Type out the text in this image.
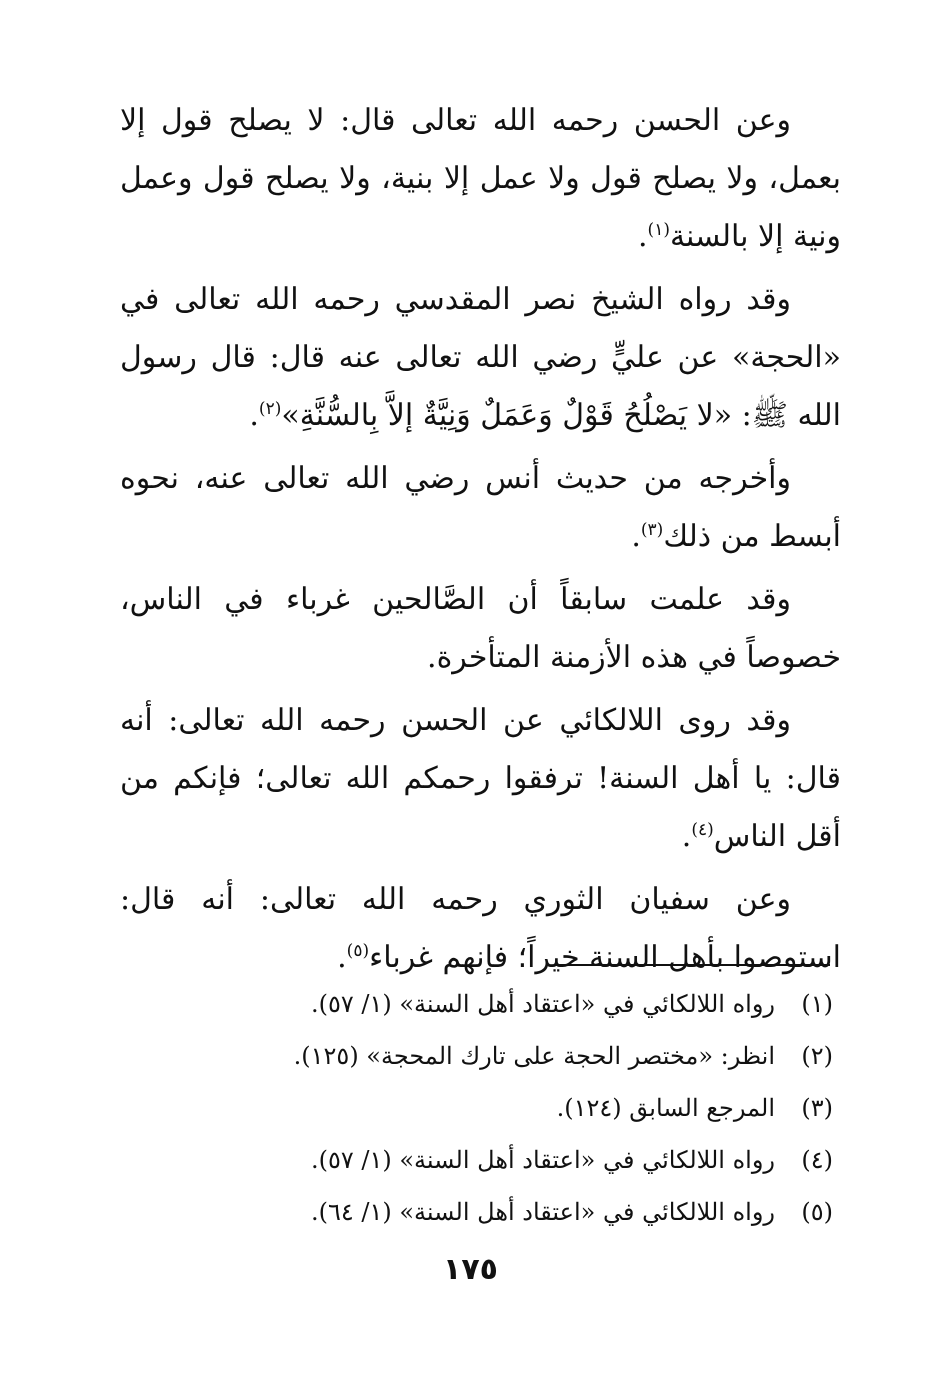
وعن الحسن رحمه الله تعالى قال: لا يصلح قول إلا بعمل، ولا يصلح قول ولا عمل إلا بنية، ولا يصلح قول وعمل ونية إلا بالسنة$^{(١)}$.

وقد رواه الشيخ نصر المقدسي رحمه الله تعالى في «الحجة» عن عليٍّ رضي الله تعالى عنه قال: قال رسول الله ﷺ: «لا يَصْلُحُ قَوْلٌ وَعَمَلٌ وَنِيَّةٌ إلاَّ بِالسُّنَّةِ»$^{(٢)}$.

وأخرجه من حديث أنس رضي الله تعالى عنه، نحوه أبسط من ذلك$^{(٣)}$.

وقد علمت سابقاً أن الصَّالحين غرباء في الناس، خصوصاً في هذه الأزمنة المتأخرة.

وقد روى اللالكائي عن الحسن رحمه الله تعالى: أنه قال: يا أهل السنة! ترفقوا رحمكم الله تعالى؛ فإنكم من أقل الناس$^{(٤)}$.

وعن سفيان الثوري رحمه الله تعالى: أنه قال: استوصوا بأهل السنة خيراً؛ فإنهم غرباء$^{(٥)}$.

(١)
رواه اللالكائي في «اعتقاد أهل السنة» (١/ ٥٧).
(٢)
انظر: «مختصر الحجة على تارك المحجة» (١٢٥).
(٣)
المرجع السابق (١٢٤).
(٤)
رواه اللالكائي في «اعتقاد أهل السنة» (١/ ٥٧).
(٥)
رواه اللالكائي في «اعتقاد أهل السنة» (١/ ٦٤).
١٧٥
